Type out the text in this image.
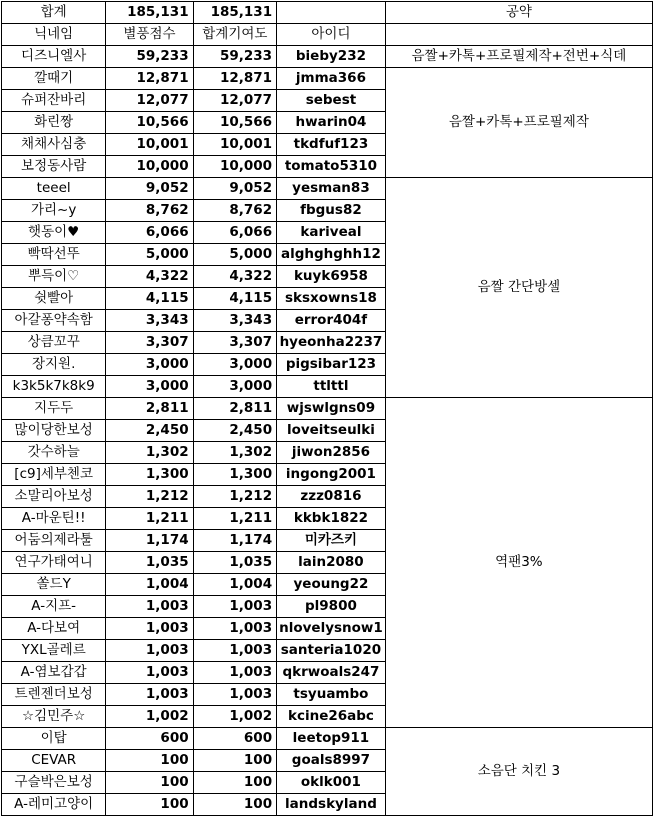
합계	185,131	185,131		공약
닉네임	별풍점수	합계기여도	아이디	
디즈니엘사	59,233	59,233	bieby232	음짤+카톡+프로필제작+전번+식데
깔때기	12,871	12,871	jmma366	음짤+카톡+프로필제작
슈퍼잔바리	12,077	12,077	sebest	
화린짱	10,566	10,566	hwarin04	
채채사심충	10,001	10,001	tkdfuf123	
보정동사람	10,000	10,000	tomato5310	
teeel	9,052	9,052	yesman83	음짤 간단방셀
가리~y	8,762	8,762	fbgus82	
햇동이♥	6,066	6,066	kariveal	
빡딱선뚜	5,000	5,000	alghghghh12	
뿌득이♡	4,322	4,322	kuyk6958	
쉿빨아	4,115	4,115	sksxowns18	
아갈퐁약속함	3,343	3,343	error404f	
상큼꼬꾸	3,307	3,307	hyeonha2237	
장지원.	3,000	3,000	pigsibar123	
k3k5k7k8k9	3,000	3,000	ttlttl	
지두두	2,811	2,811	wjswlgns09	역팬3%
많이당한보성	2,450	2,450	loveitseulki	
갓수하늘	1,302	1,302	jiwon2856	
[c9]세부첸코	1,300	1,300	ingong2001	
소말리아보성	1,212	1,212	zzz0816	
A-마운틴!!	1,211	1,211	kkbk1822	
어둠의제라툴	1,174	1,174	미카즈키	
연구가태여니	1,035	1,035	lain2080	
쏠드Y	1,004	1,004	yeoung22	
A-지프-	1,003	1,003	pl9800	
A-다보여	1,003	1,003	nlovelysnow1	
YXL골레르	1,003	1,003	santeria1020	
A-염보갑갑	1,003	1,003	qkrwoals247	
트렌젠더보성	1,003	1,003	tsyuambo	
☆김민주☆	1,002	1,002	kcine26abc	
이탑	600	600	leetop911	소음단 치킨 3
CEVAR	100	100	goals8997	
구슬박은보성	100	100	oklk001	
A-레미고양이	100	100	landskyland	
